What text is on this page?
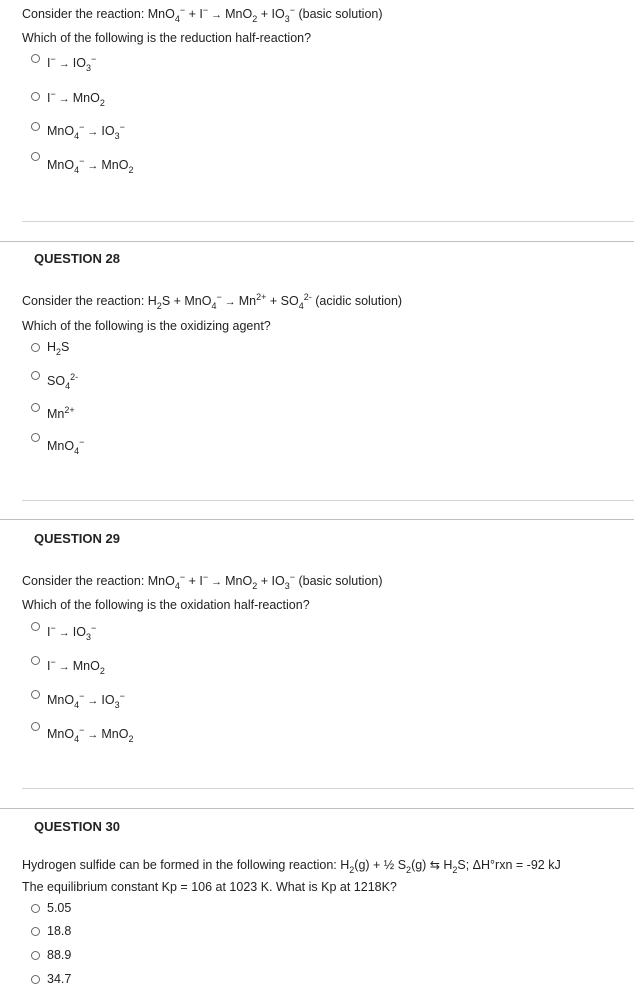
Consider the reaction: $MnO_4^- + I^- \to MnO_2 + IO_3^-$ (basic solution)
Which of the following is the reduction half-reaction?
$I^- \to IO_3^-$
I− → MnO$_2$
$MnO_4^- \to IO_3^-$
MnO$_4$− → MnO$_2$
QUESTION 28
Consider the reaction: $H_2S + MnO_4^- \to Mn^{2+} + SO_4^{2-}$ (acidic solution)
Which of the following is the oxidizing agent?
$H_2S$
$SO_4^{2-}$
$Mn^{2+}$
MnO$_4$−
QUESTION 29
Consider the reaction: $MnO_4^- + I^- \to MnO_2 + IO_3^-$ (basic solution)
Which of the following is the oxidation half-reaction?
$I^- \to IO_3^-$
I− → MnO$_2$
$MnO_4^- \to IO_3^-$
MnO$_4$− → MnO$_2$
QUESTION 30
Hydrogen sulfide can be formed in the following reaction: $H_2(g)$ + ½ $S_2(g)$ ⇆ $H_2S$; ΔH°rxn = -92 kJ
The equilibrium constant Kp = 106 at 1023 K. What is Kp at 1218K?
5.05
18.8
88.9
34.7
